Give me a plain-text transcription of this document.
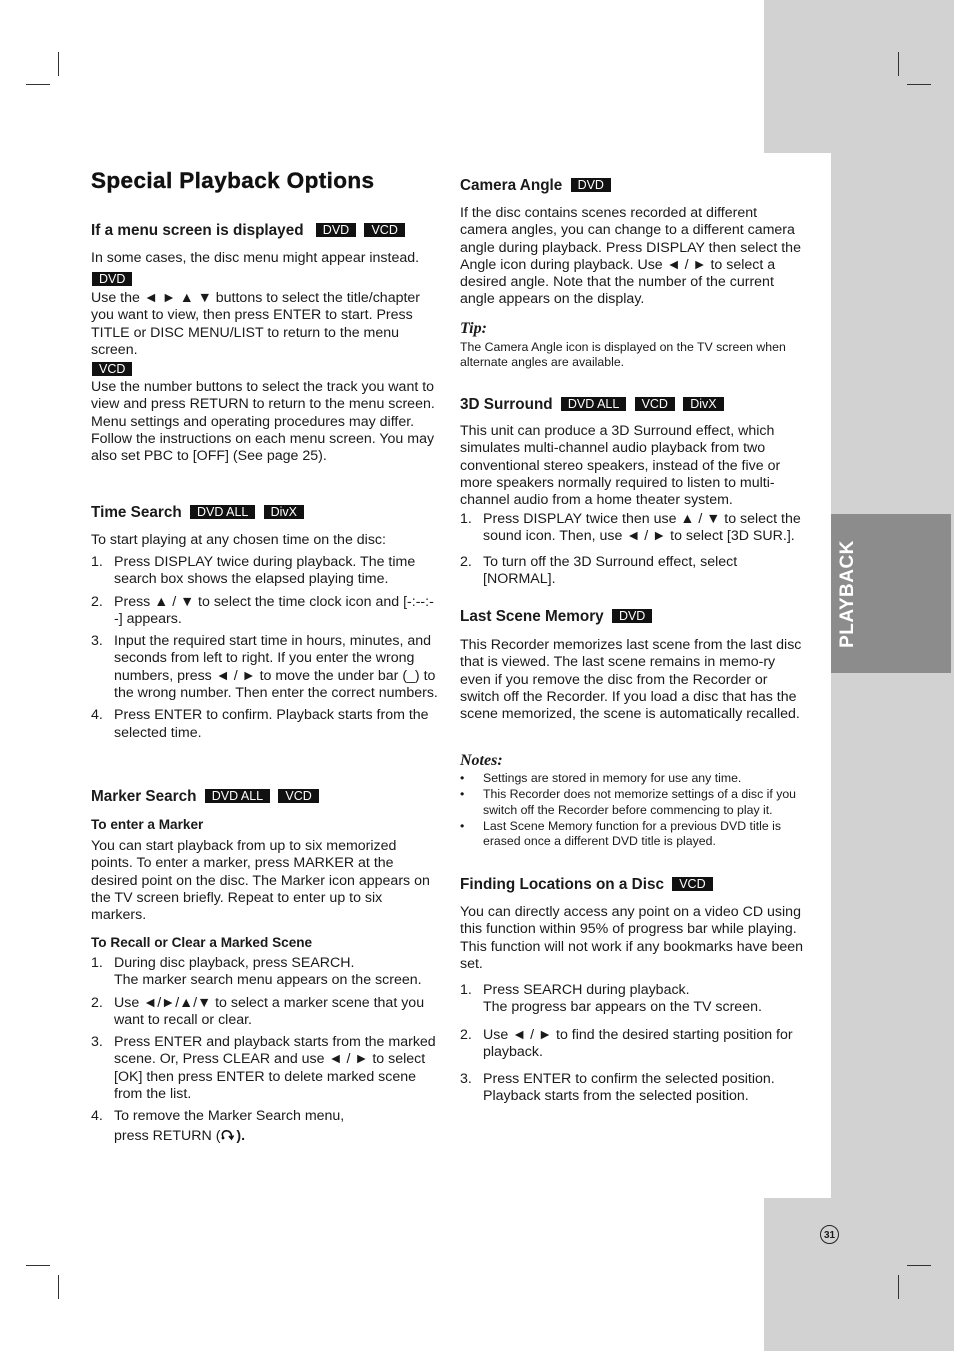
PLAYBACK
31
Special Playback Options
If a menu screen is displayed DVD VCD

In some cases, the disc menu might appear instead.

DVD

Use the ◄ ► ▲ ▼ buttons to select the title/chapter you want to view, then press ENTER to start. Press TITLE or DISC MENU/LIST to return to the menu screen.

VCD

Use the number buttons to select the track you want to view and press RETURN to return to the menu screen. Menu settings and operating procedures may differ. Follow the instructions on each menu screen. You may also set PBC to [OFF] (See page 25).

Time Search DVD ALL DivX

To start playing at any chosen time on the disc:

1. Press DISPLAY twice during playback. The time search box shows the elapsed playing time.
2. Press ▲ / ▼ to select the time clock icon and [-:--:--] appears.
3. Input the required start time in hours, minutes, and seconds from left to right. If you enter the wrong numbers, press ◄ / ► to move the under bar (_) to the wrong number. Then enter the correct numbers.
4. Press ENTER to confirm. Playback starts from the selected time.
Marker Search DVD ALL VCD
To enter a Marker

You can start playback from up to six memorized points. To enter a marker, press MARKER at the desired point on the disc. The Marker icon appears on the TV screen briefly. Repeat to enter up to six markers.

To Recall or Clear a Marked Scene
1. During disc playback, press SEARCH.
The marker search menu appears on the screen.
2. Use ◄/►/▲/▼ to select a marker scene that you want to recall or clear.
3. Press ENTER and playback starts from the marked scene. Or, Press CLEAR and use ◄ / ► to select [OK] then press ENTER to delete marked scene from the list.
4. To remove the Marker Search menu,
press RETURN ( ).
Camera Angle DVD

If the disc contains scenes recorded at different camera angles, you can change to a different camera angle during playback. Press DISPLAY then select the Angle icon during playback. Use ◄ / ► to select a desired angle. Note that the number of the current angle appears on the display.

Tip:

The Camera Angle icon is displayed on the TV screen when alternate angles are available.

3D Surround DVD ALL VCD DivX

This unit can produce a 3D Surround effect, which simulates multi-channel audio playback from two conventional stereo speakers, instead of the five or more speakers normally required to listen to multi-channel audio from a home theater system.

1. Press DISPLAY twice then use ▲ / ▼ to select the sound icon. Then, use ◄ / ► to select [3D SUR.].
2. To turn off the 3D Surround effect, select [NORMAL].
Last Scene Memory DVD

This Recorder memorizes last scene from the last disc that is viewed. The last scene remains in memo-ry even if you remove the disc from the Recorder or switch off the Recorder. If you load a disc that has the scene memorized, the scene is automatically recalled.

Notes:
• Settings are stored in memory for use any time.
• This Recorder does not memorize settings of a disc if you switch off the Recorder before commencing to play it.
• Last Scene Memory function for a previous DVD title is erased once a different DVD title is played.
Finding Locations on a Disc VCD

You can directly access any point on a video CD using this function within 95% of progress bar while playing. This function will not work if any bookmarks have been set.

1. Press SEARCH during playback.
The progress bar appears on the TV screen.
2. Use ◄ / ► to find the desired starting position for playback.
3. Press ENTER to confirm the selected position.
Playback starts from the selected position.
